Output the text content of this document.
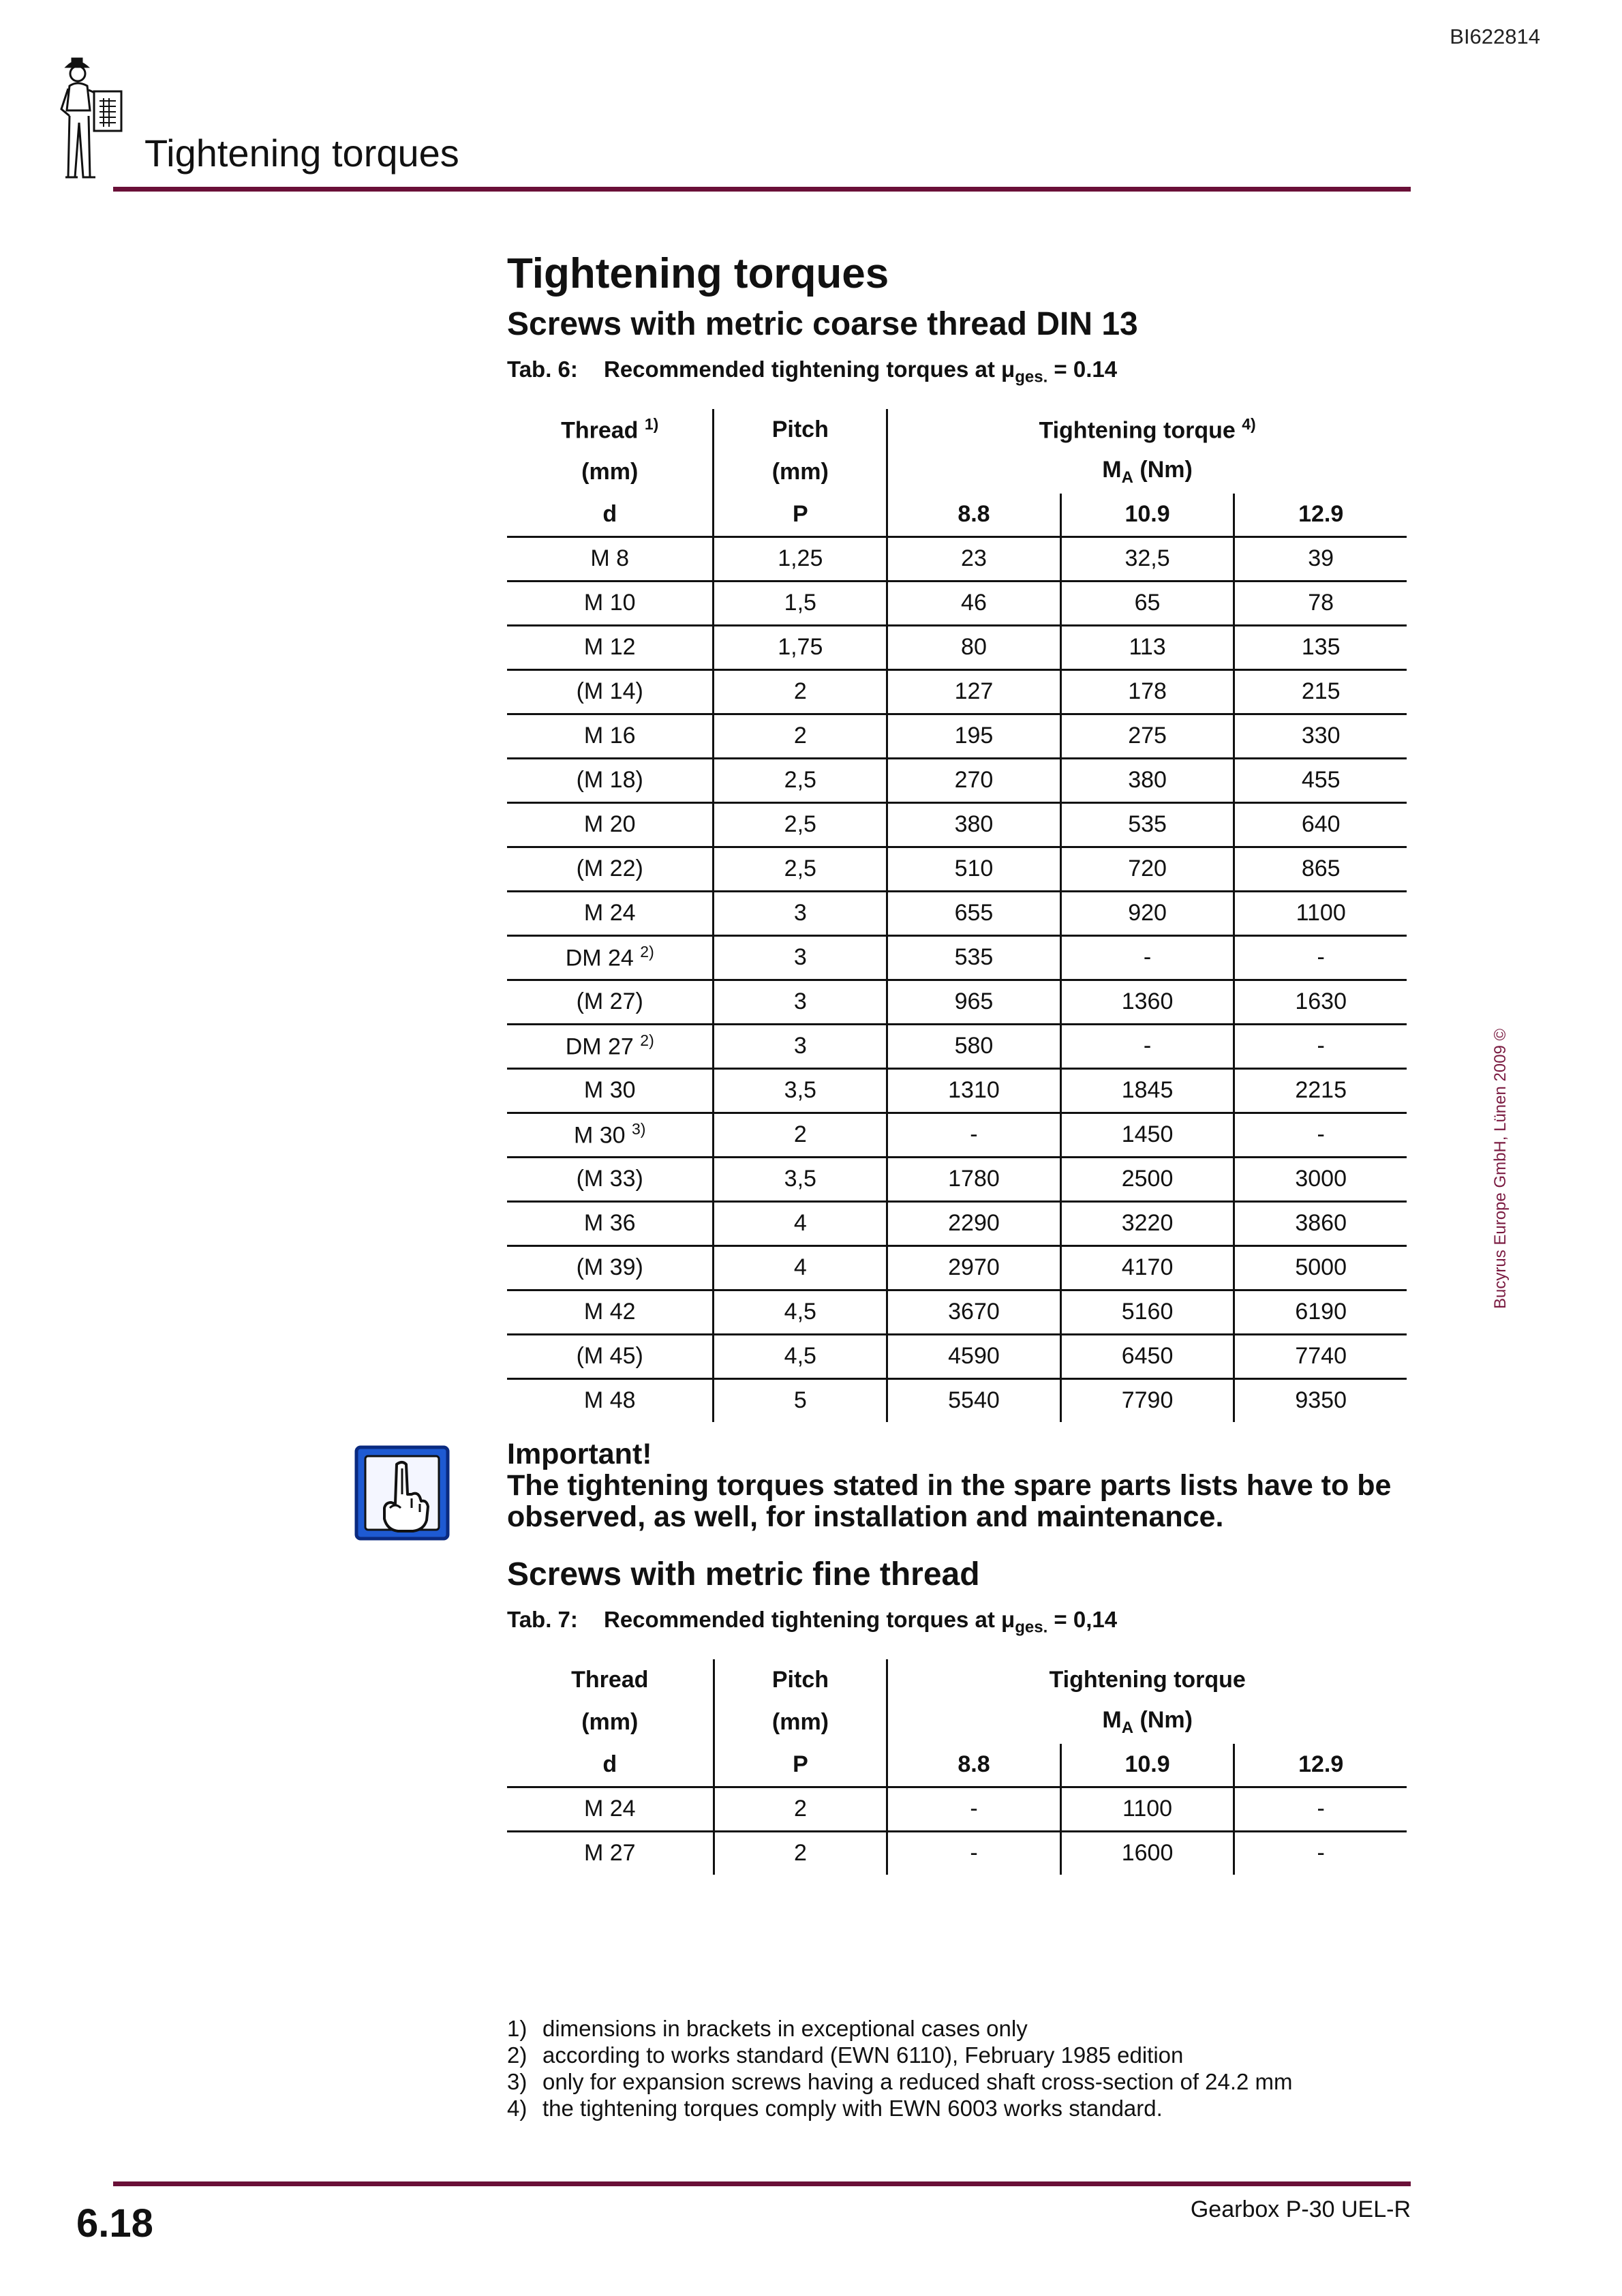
BI622814
Tightening torques
Tightening torques
Screws with metric coarse thread DIN 13
Tab. 6: Recommended tightening torques at $\mu_{ges.} = 0.14$
Thread $^{1)}$	Pitch	Tightening torque $^{4)}$
(mm)	(mm)	$M_A$ (Nm)		
d	P	8.8	10.9	12.9
M 8	1,25	23	32,5	39
M 10	1,5	46	65	78
M 12	1,75	80	113	135
(M 14)	2	127	178	215
M 16	2	195	275	330
(M 18)	2,5	270	380	455
M 20	2,5	380	535	640
(M 22)	2,5	510	720	865
M 24	3	655	920	1100
DM 24 $^{2)}$	3	535	-	-
(M 27)	3	965	1360	1630
DM 27 $^{2)}$	3	580	-	-
M 30	3,5	1310	1845	2215
M 30 $^{3)}$	2	-	1450	-
(M 33)	3,5	1780	2500	3000
M 36	4	2290	3220	3860
(M 39)	4	2970	4170	5000
M 42	4,5	3670	5160	6190
(M 45)	4,5	4590	6450	7740
M 48	5	5540	7790	9350
Important!
The tightening torques stated in the spare parts lists have to be observed, as well, for installation and maintenance.
Screws with metric fine thread
Tab. 7: Recommended tightening torques at $\mu_{ges.} = 0,14$
Thread	Pitch	Tightening torque		
(mm)	(mm)	$M_A$ (Nm)		
d	P	8.8	10.9	12.9
M 24	2	-	1100	-
M 27	2	-	1600	-
1) dimensions in brackets in exceptional cases only
2) according to works standard (EWN 6110), February 1985 edition
3) only for expansion screws having a reduced shaft cross-section of 24.2 mm
4) the tightening torques comply with EWN 6003 works standard.
Bucyrus Europe GmbH, Lünen 2009 ©
6.18	Gearbox P-30 UEL-R
